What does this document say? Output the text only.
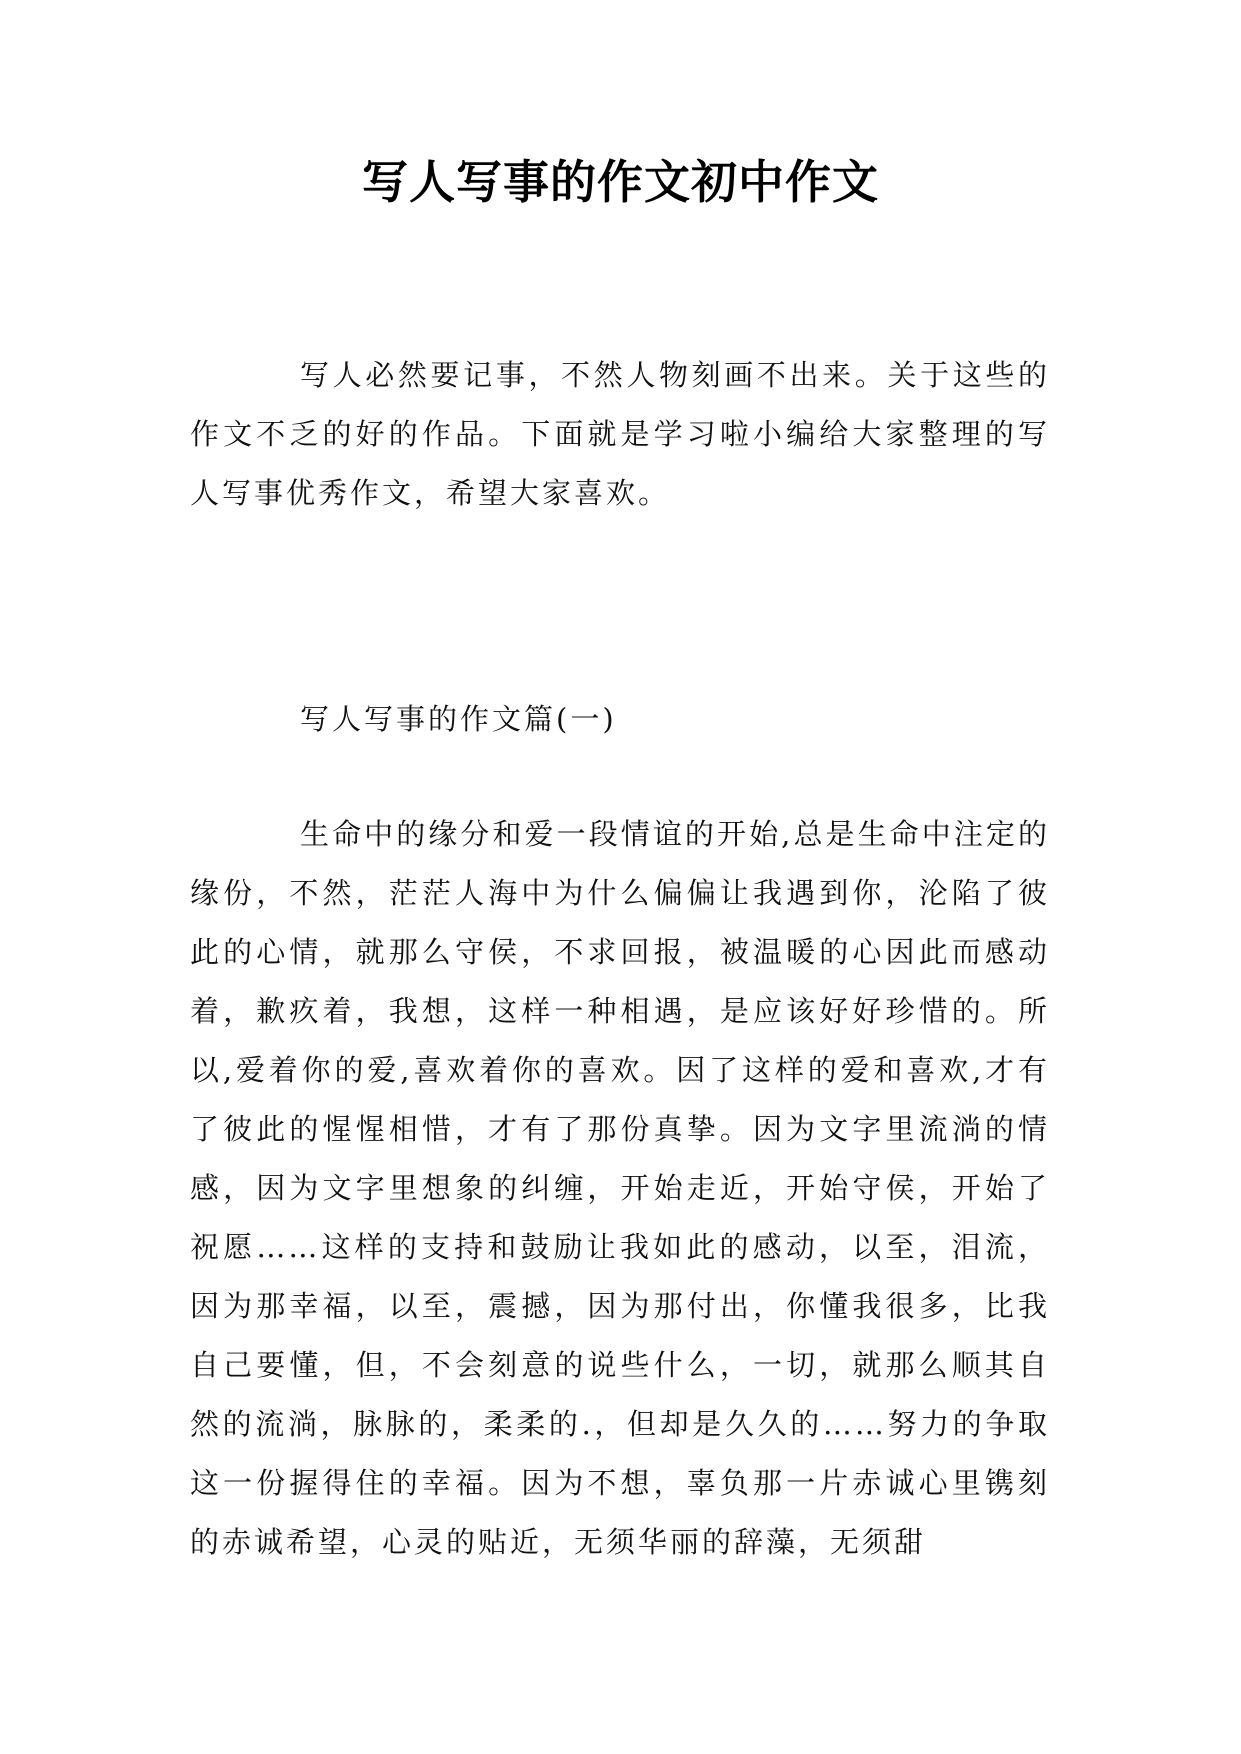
写人写事的作文初中作文

写人必然要记事，不然人物刻画不出来。关于这些的作文不乏的好的作品。下面就是学习啦小编给大家整理的写人写事优秀作文，希望大家喜欢。

写人写事的作文篇(一)

生命中的缘分和爱一段情谊的开始,总是生命中注定的缘份，不然，茫茫人海中为什么偏偏让我遇到你，沦陷了彼此的心情，就那么守侯，不求回报，被温暖的心因此而感动着，歉疚着，我想，这样一种相遇，是应该好好珍惜的。所以,爱着你的爱,喜欢着你的喜欢。因了这样的爱和喜欢,才有了彼此的惺惺相惜，才有了那份真挚。因为文字里流淌的情感，因为文字里想象的纠缠，开始走近，开始守侯，开始了祝愿……这样的支持和鼓励让我如此的感动，以至，泪流，因为那幸福，以至，震撼，因为那付出，你懂我很多，比我自己要懂，但，不会刻意的说些什么，一切，就那么顺其自然的流淌，脉脉的，柔柔的.，但却是久久的……努力的争取这一份握得住的幸福。因为不想，辜负那一片赤诚心里镌刻的赤诚希望，心灵的贴近，无须华丽的辞藻，无须甜
